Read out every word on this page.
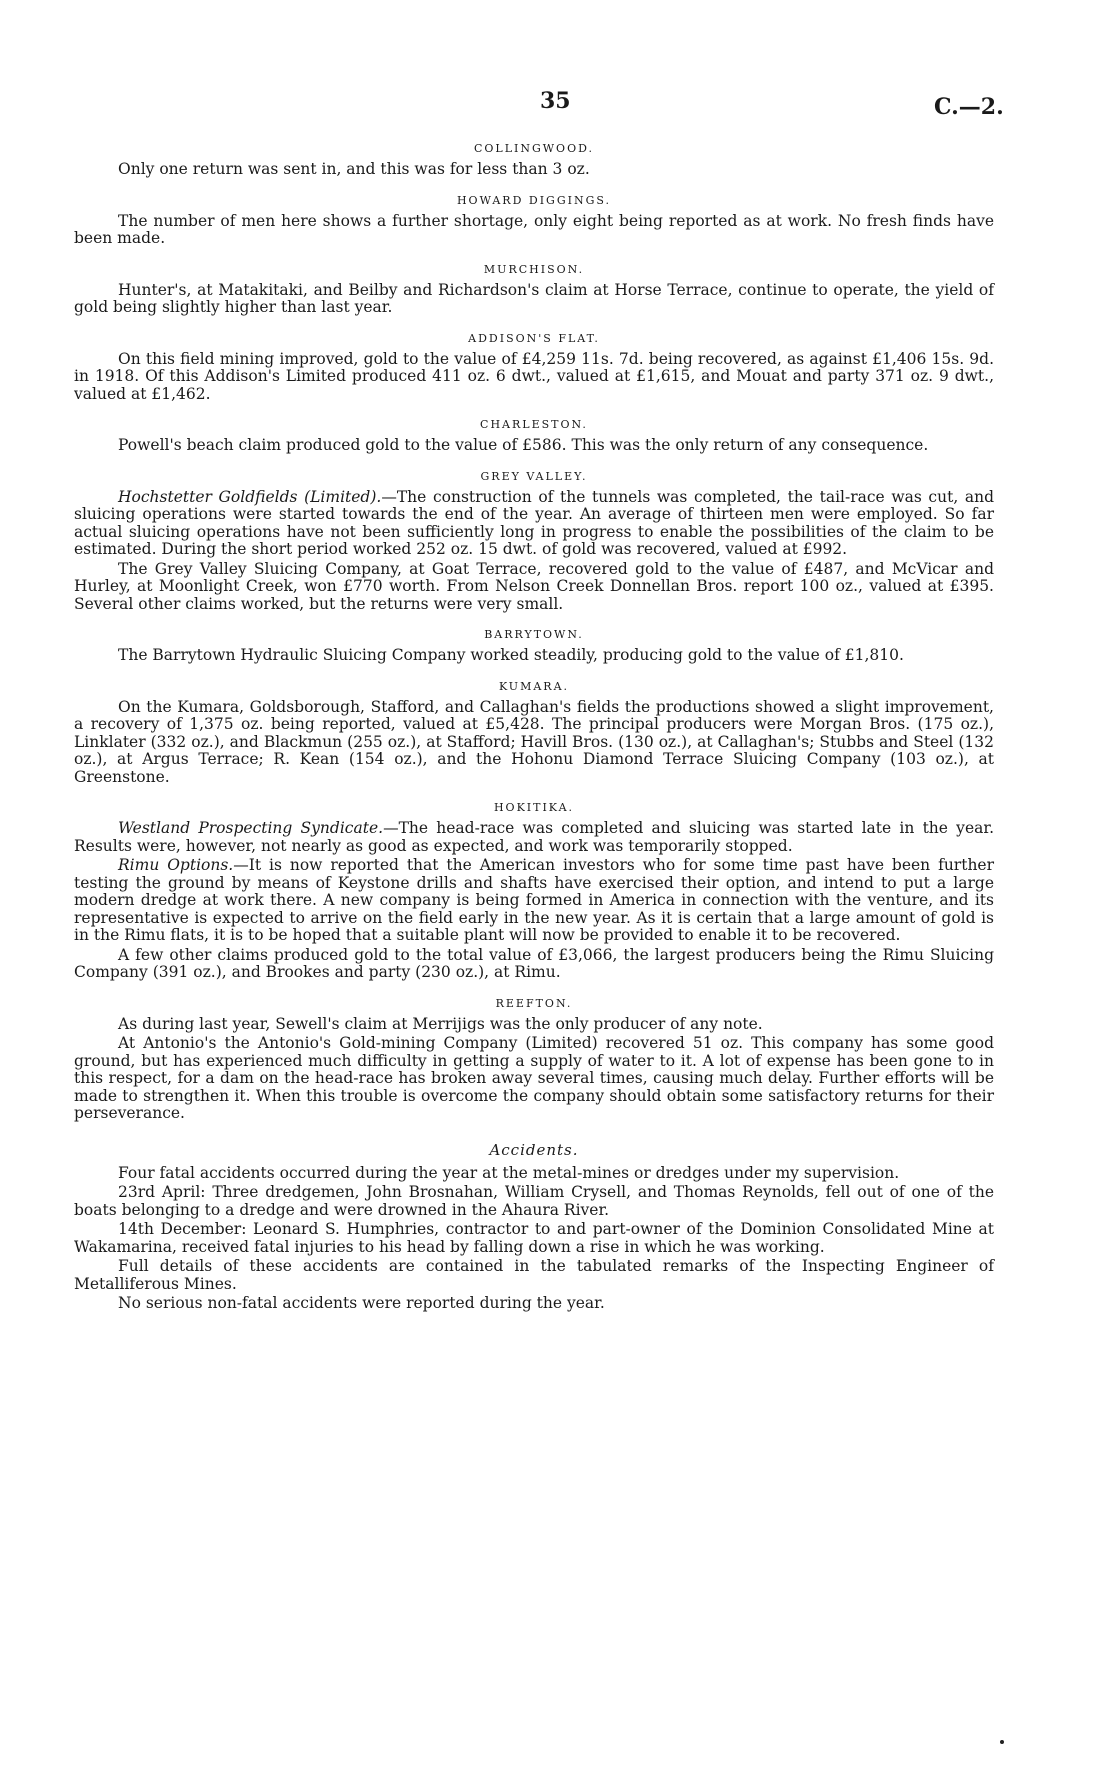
35	C.—2.
COLLINGWOOD.

Only one return was sent in, and this was for less than 3 oz.

HOWARD DIGGINGS.

The number of men here shows a further shortage, only eight being reported as at work. No fresh finds have been made.

MURCHISON.

Hunter's, at Matakitaki, and Beilby and Richardson's claim at Horse Terrace, continue to operate, the yield of gold being slightly higher than last year.

ADDISON'S FLAT.

On this field mining improved, gold to the value of £4,259 11s. 7d. being recovered, as against £1,406 15s. 9d. in 1918. Of this Addison's Limited produced 411 oz. 6 dwt., valued at £1,615, and Mouat and party 371 oz. 9 dwt., valued at £1,462.

CHARLESTON.

Powell's beach claim produced gold to the value of £586. This was the only return of any consequence.

GREY VALLEY.

Hochstetter Goldfields (Limited).—The construction of the tunnels was completed, the tail-race was cut, and sluicing operations were started towards the end of the year. An average of thirteen men were employed. So far actual sluicing operations have not been sufficiently long in progress to enable the possibilities of the claim to be estimated. During the short period worked 252 oz. 15 dwt. of gold was recovered, valued at £992.

The Grey Valley Sluicing Company, at Goat Terrace, recovered gold to the value of £487, and McVicar and Hurley, at Moonlight Creek, won £770 worth. From Nelson Creek Donnellan Bros. report 100 oz., valued at £395. Several other claims worked, but the returns were very small.

BARRYTOWN.

The Barrytown Hydraulic Sluicing Company worked steadily, producing gold to the value of £1,810.

KUMARA.

On the Kumara, Goldsborough, Stafford, and Callaghan's fields the productions showed a slight improvement, a recovery of 1,375 oz. being reported, valued at £5,428. The principal producers were Morgan Bros. (175 oz.), Linklater (332 oz.), and Blackmun (255 oz.), at Stafford; Havill Bros. (130 oz.), at Callaghan's; Stubbs and Steel (132 oz.), at Argus Terrace; R. Kean (154 oz.), and the Hohonu Diamond Terrace Sluicing Company (103 oz.), at Greenstone.

HOKITIKA.

Westland Prospecting Syndicate.—The head-race was completed and sluicing was started late in the year. Results were, however, not nearly as good as expected, and work was temporarily stopped.

Rimu Options.—It is now reported that the American investors who for some time past have been further testing the ground by means of Keystone drills and shafts have exercised their option, and intend to put a large modern dredge at work there. A new company is being formed in America in connection with the venture, and its representative is expected to arrive on the field early in the new year. As it is certain that a large amount of gold is in the Rimu flats, it is to be hoped that a suitable plant will now be provided to enable it to be recovered.

A few other claims produced gold to the total value of £3,066, the largest producers being the Rimu Sluicing Company (391 oz.), and Brookes and party (230 oz.), at Rimu.

REEFTON.

As during last year, Sewell's claim at Merrijigs was the only producer of any note.

At Antonio's the Antonio's Gold-mining Company (Limited) recovered 51 oz. This company has some good ground, but has experienced much difficulty in getting a supply of water to it. A lot of expense has been gone to in this respect, for a dam on the head-race has broken away several times, causing much delay. Further efforts will be made to strengthen it. When this trouble is overcome the company should obtain some satisfactory returns for their perseverance.

Accidents.

Four fatal accidents occurred during the year at the metal-mines or dredges under my supervision.

23rd April: Three dredgemen, John Brosnahan, William Crysell, and Thomas Reynolds, fell out of one of the boats belonging to a dredge and were drowned in the Ahaura River.

14th December: Leonard S. Humphries, contractor to and part-owner of the Dominion Consolidated Mine at Wakamarina, received fatal injuries to his head by falling down a rise in which he was working.

Full details of these accidents are contained in the tabulated remarks of the Inspecting Engineer of Metalliferous Mines.

No serious non-fatal accidents were reported during the year.
